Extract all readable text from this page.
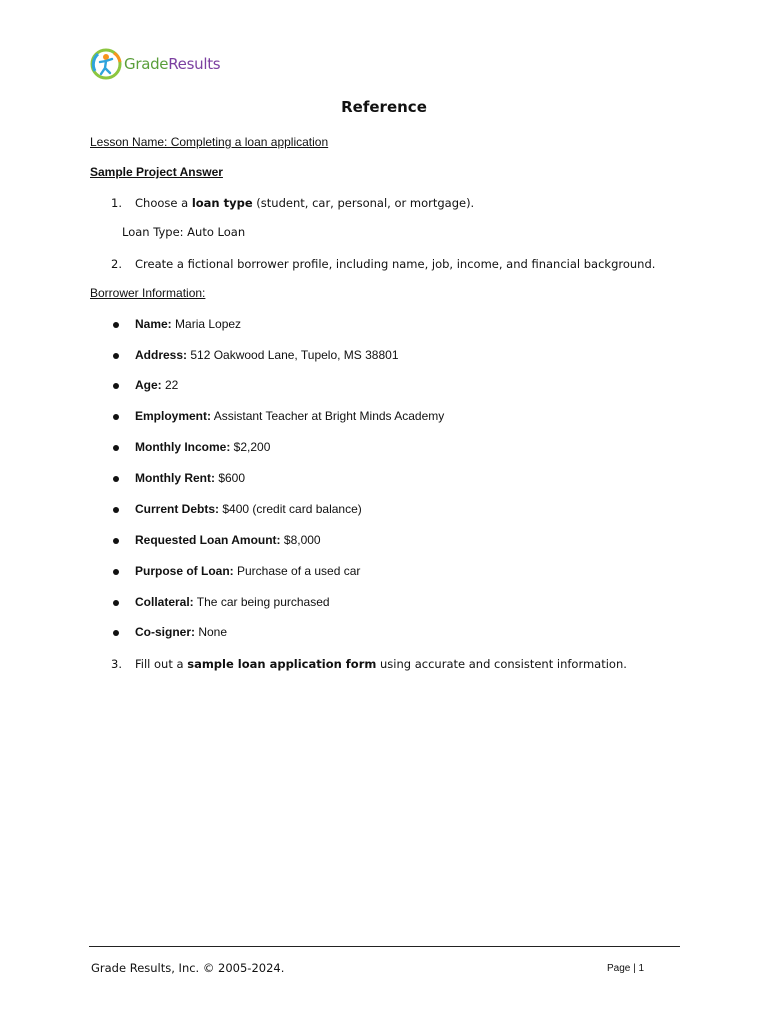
GradeResults
Reference
Lesson Name: Completing a loan application
Sample Project Answer
1. Choose a loan type (student, car, personal, or mortgage).
Loan Type: Auto Loan
2. Create a fictional borrower profile, including name, job, income, and financial background.
Borrower Information:
Name: Maria Lopez
Address: 512 Oakwood Lane, Tupelo, MS 38801
Age: 22
Employment: Assistant Teacher at Bright Minds Academy
Monthly Income: $2,200
Monthly Rent: $600
Current Debts: $400 (credit card balance)
Requested Loan Amount: $8,000
Purpose of Loan: Purchase of a used car
Collateral: The car being purchased
Co-signer: None
3. Fill out a sample loan application form using accurate and consistent information.
Grade Results, Inc. © 2005-2024.	Page | 1
